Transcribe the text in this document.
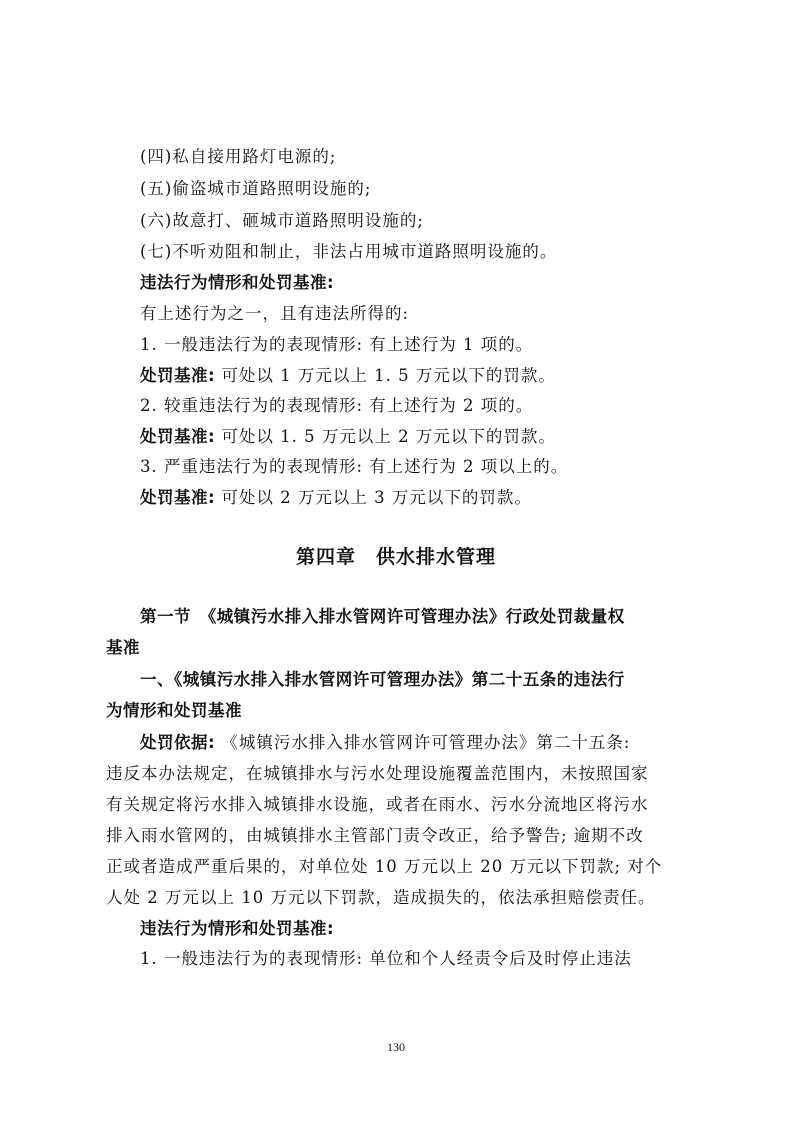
(四)私自接用路灯电源的;
(五)偷盗城市道路照明设施的;
(六)故意打、砸城市道路照明设施的;
(七)不听劝阻和制止，非法占用城市道路照明设施的。
违法行为情形和处罚基准:
有上述行为之一，且有违法所得的:
1. 一般违法行为的表现情形: 有上述行为 1 项的。
处罚基准: 可处以 1 万元以上 1. 5 万元以下的罚款。
2. 较重违法行为的表现情形: 有上述行为 2 项的。
处罚基准: 可处以 1. 5 万元以上 2 万元以下的罚款。
3. 严重违法行为的表现情形: 有上述行为 2 项以上的。
处罚基准: 可处以 2 万元以上 3 万元以下的罚款。
第四章　供水排水管理
第一节　《城镇污水排入排水管网许可管理办法》行政处罚裁量权
基准
一、《城镇污水排入排水管网许可管理办法》第二十五条的违法行
为情形和处罚基准
处罚依据: 《城镇污水排入排水管网许可管理办法》第二十五条:
违反本办法规定，在城镇排水与污水处理设施覆盖范围内，未按照国家
有关规定将污水排入城镇排水设施，或者在雨水、污水分流地区将污水
排入雨水管网的，由城镇排水主管部门责令改正，给予警告; 逾期不改
正或者造成严重后果的，对单位处 10 万元以上 20 万元以下罚款; 对个
人处 2 万元以上 10 万元以下罚款，造成损失的，依法承担赔偿责任。
违法行为情形和处罚基准:
1. 一般违法行为的表现情形: 单位和个人经责令后及时停止违法
130
